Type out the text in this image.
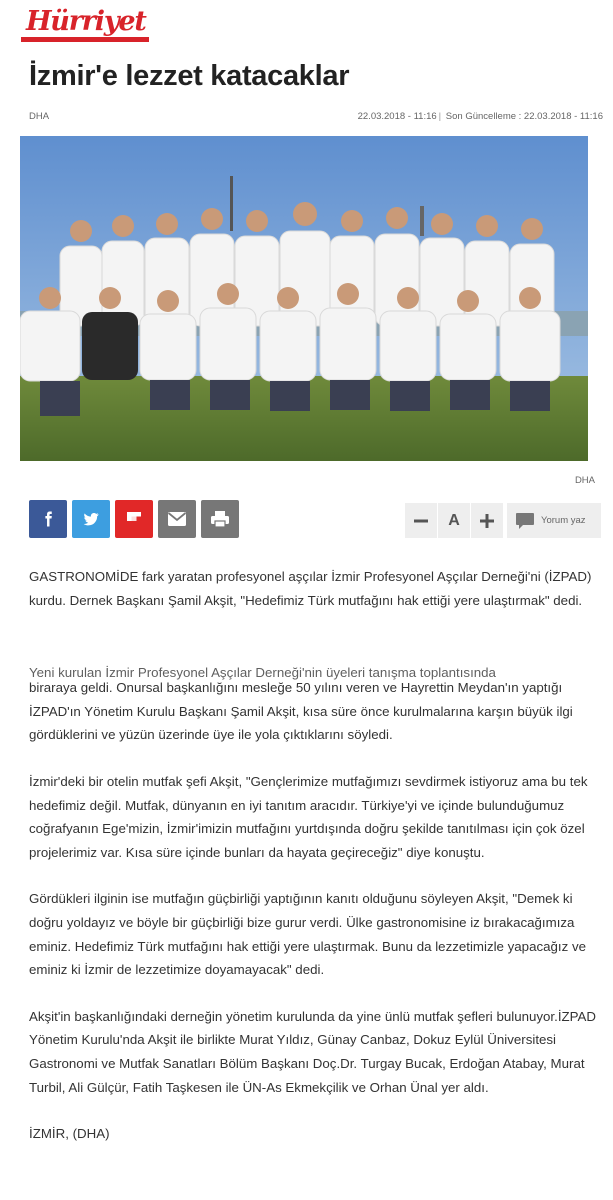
Hürriyet
İzmir'e lezzet katacaklar
DHA	22.03.2018 - 11:16 | Son Güncelleme : 22.03.2018 - 11:16
DHA
A	Yorum yaz
Yeni kurulan İzmir Profesyonel Aşçılar Derneği'nin üyeleri tanışma toplantısında

GASTRONOMİDE fark yaratan profesyonel aşçılar İzmir Profesyonel Aşçılar Derneği'ni (İZPAD) kurdu. Dernek Başkanı Şamil Akşit, "Hedefimiz Türk mutfağını hak ettiği yere ulaştırmak" dedi.

biraraya geldi. Onursal başkanlığını mesleğe 50 yılını veren ve Hayrettin Meydan'ın yaptığı İZPAD'ın Yönetim Kurulu Başkanı Şamil Akşit, kısa süre önce kurulmalarına karşın büyük ilgi gördüklerini ve yüzün üzerinde üye ile yola çıktıklarını söyledi.

İzmir'deki bir otelin mutfak şefi Akşit, "Gençlerimize mutfağımızı sevdirmek istiyoruz ama bu tek hedefimiz değil. Mutfak, dünyanın en iyi tanıtım aracıdır. Türkiye'yi ve içinde bulunduğumuz coğrafyanın Ege'mizin, İzmir'imizin mutfağını yurtdışında doğru şekilde tanıtılması için çok özel projelerimiz var. Kısa süre içinde bunları da hayata geçireceğiz" diye konuştu.

Gördükleri ilginin ise mutfağın güçbirliği yaptığının kanıtı olduğunu söyleyen Akşit, "Demek ki doğru yoldayız ve böyle bir güçbirliği bize gurur verdi. Ülke gastronomisine iz bırakacağımıza eminiz. Hedefimiz Türk mutfağını hak ettiği yere ulaştırmak. Bunu da lezzetimizle yapacağız ve eminiz ki İzmir de lezzetimize doyamayacak" dedi.

Akşit'in başkanlığındaki derneğin yönetim kurulunda da yine ünlü mutfak şefleri bulunuyor.İZPAD Yönetim Kurulu'nda Akşit ile birlikte Murat Yıldız, Günay Canbaz, Dokuz Eylül Üniversitesi Gastronomi ve Mutfak Sanatları Bölüm Başkanı Doç.Dr. Turgay Bucak, Erdoğan Atabay, Murat Turbil, Ali Gülçür, Fatih Taşkesen ile ÜN-As Ekmekçilik ve Orhan Ünal yer aldı.

İZMİR, (DHA)
